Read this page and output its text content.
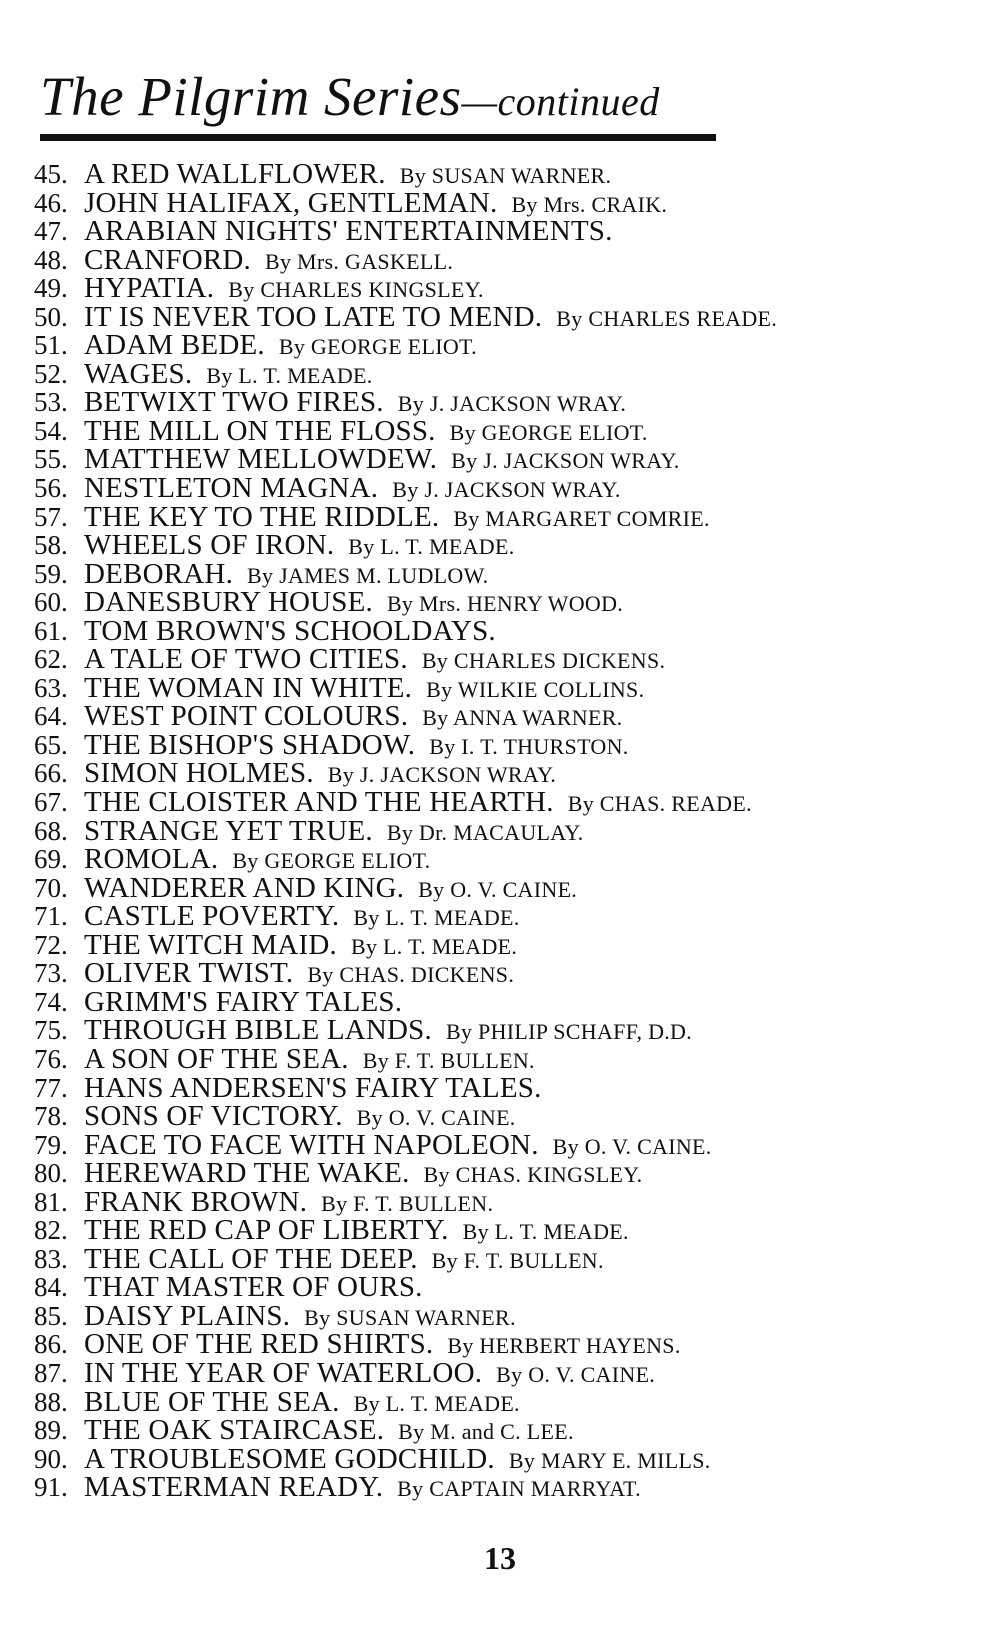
The Pilgrim Series—continued
45. A RED WALLFLOWER. By SUSAN WARNER.
46. JOHN HALIFAX, GENTLEMAN. By Mrs. CRAIK.
47. ARABIAN NIGHTS' ENTERTAINMENTS.
48. CRANFORD. By Mrs. GASKELL.
49. HYPATIA. By CHARLES KINGSLEY.
50. IT IS NEVER TOO LATE TO MEND. By CHARLES READE.
51. ADAM BEDE. By GEORGE ELIOT.
52. WAGES. By L. T. MEADE.
53. BETWIXT TWO FIRES. By J. JACKSON WRAY.
54. THE MILL ON THE FLOSS. By GEORGE ELIOT.
55. MATTHEW MELLOWDEW. By J. JACKSON WRAY.
56. NESTLETON MAGNA. By J. JACKSON WRAY.
57. THE KEY TO THE RIDDLE. By MARGARET COMRIE.
58. WHEELS OF IRON. By L. T. MEADE.
59. DEBORAH. By JAMES M. LUDLOW.
60. DANESBURY HOUSE. By Mrs. HENRY WOOD.
61. TOM BROWN'S SCHOOLDAYS.
62. A TALE OF TWO CITIES. By CHARLES DICKENS.
63. THE WOMAN IN WHITE. By WILKIE COLLINS.
64. WEST POINT COLOURS. By ANNA WARNER.
65. THE BISHOP'S SHADOW. By I. T. THURSTON.
66. SIMON HOLMES. By J. JACKSON WRAY.
67. THE CLOISTER AND THE HEARTH. By CHAS. READE.
68. STRANGE YET TRUE. By Dr. MACAULAY.
69. ROMOLA. By GEORGE ELIOT.
70. WANDERER AND KING. By O. V. CAINE.
71. CASTLE POVERTY. By L. T. MEADE.
72. THE WITCH MAID. By L. T. MEADE.
73. OLIVER TWIST. By CHAS. DICKENS.
74. GRIMM'S FAIRY TALES.
75. THROUGH BIBLE LANDS. By PHILIP SCHAFF, D.D.
76. A SON OF THE SEA. By F. T. BULLEN.
77. HANS ANDERSEN'S FAIRY TALES.
78. SONS OF VICTORY. By O. V. CAINE.
79. FACE TO FACE WITH NAPOLEON. By O. V. CAINE.
80. HEREWARD THE WAKE. By CHAS. KINGSLEY.
81. FRANK BROWN. By F. T. BULLEN.
82. THE RED CAP OF LIBERTY. By L. T. MEADE.
83. THE CALL OF THE DEEP. By F. T. BULLEN.
84. THAT MASTER OF OURS.
85. DAISY PLAINS. By SUSAN WARNER.
86. ONE OF THE RED SHIRTS. By HERBERT HAYENS.
87. IN THE YEAR OF WATERLOO. By O. V. CAINE.
88. BLUE OF THE SEA. By L. T. MEADE.
89. THE OAK STAIRCASE. By M. and C. LEE.
90. A TROUBLESOME GODCHILD. By MARY E. MILLS.
91. MASTERMAN READY. By CAPTAIN MARRYAT.
13
